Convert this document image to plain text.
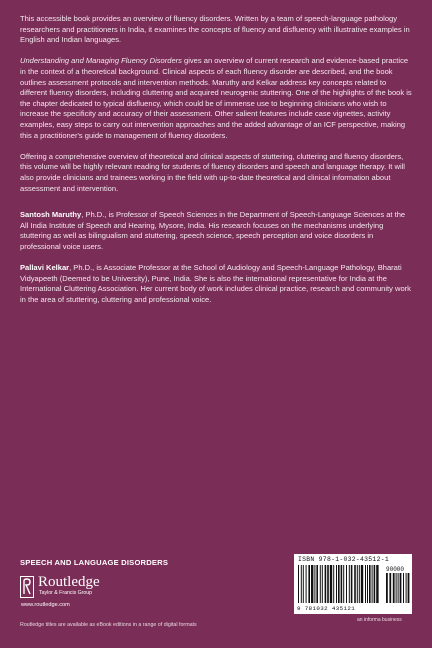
This accessible book provides an overview of fluency disorders. Written by a team of speech-language pathology researchers and practitioners in India, it examines the concepts of fluency and disfluency with illustrative examples in English and Indian languages.

Understanding and Managing Fluency Disorders gives an overview of current research and evidence-based practice in the context of a theoretical background. Clinical aspects of each fluency disorder are described, and the book outlines assessment protocols and intervention methods. Maruthy and Kelkar address key concepts related to different fluency disorders, including cluttering and acquired neurogenic stuttering. One of the highlights of the book is the chapter dedicated to typical disfluency, which could be of immense use to beginning clinicians who wish to increase the specificity and accuracy of their assessment. Other salient features include case vignettes, activity examples, easy steps to carry out intervention approaches and the added advantage of an ICF perspective, making this a practitioner's guide to management of fluency disorders.

Offering a comprehensive overview of theoretical and clinical aspects of stuttering, cluttering and fluency disorders, this volume will be highly relevant reading for students of fluency disorders and speech and language therapy. It will also provide clinicians and trainees working in the field with up-to-date theoretical and clinical information about assessment and intervention.

Santosh Maruthy, Ph.D., is Professor of Speech Sciences in the Department of Speech-Language Sciences at the All India Institute of Speech and Hearing, Mysore, India. His research focuses on the mechanisms underlying stuttering as well as bilingualism and stuttering, speech science, speech perception and voice disorders in professional voice users.

Pallavi Kelkar, Ph.D., is Associate Professor at the School of Audiology and Speech-Language Pathology, Bharati Vidyapeeth (Deemed to be University), Pune, India. She is also the international representative for India at the International Cluttering Association. Her current body of work includes clinical practice, research and community work in the area of stuttering, cluttering and professional voice.

SPEECH AND LANGUAGE DISORDERS
Routledge
Taylor & Francis Group
www.routledge.com
Routledge titles are available as eBook editions in a range of digital formats
ISBN 978-1-032-43512-1
90000
9 781032 435121
an informa business
